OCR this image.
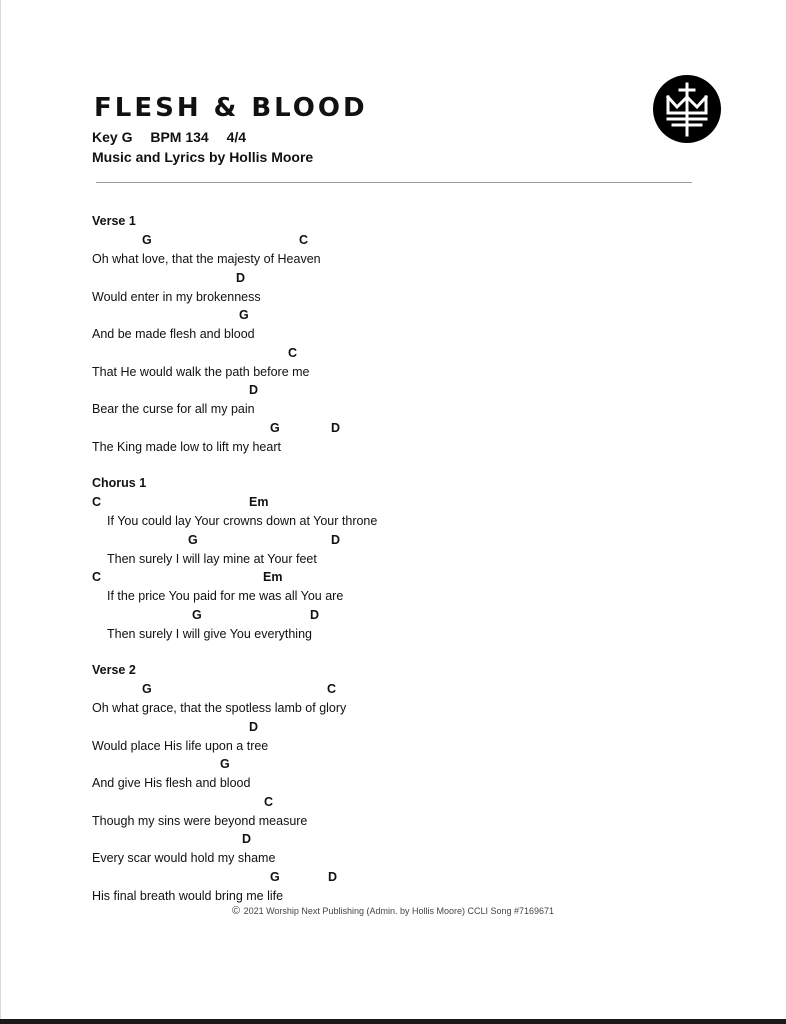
FLESH & BLOOD
Key G BPM 134 4/4
Music and Lyrics by Hollis Moore
Verse 1
G	C
Oh what love, that the majesty of Heaven
D
Would enter in my brokenness
G
And be made flesh and blood
C
That He would walk the path before me
D
Bear the curse for all my pain
G	D
The King made low to lift my heart
Chorus 1
C	Em
If You could lay Your crowns down at Your throne
G	D
Then surely I will lay mine at Your feet
C	Em
If the price You paid for me was all You are
G	D
Then surely I will give You everything
Verse 2
G	C
Oh what grace, that the spotless lamb of glory
D
Would place His life upon a tree
G
And give His flesh and blood
C
Though my sins were beyond measure
D
Every scar would hold my shame
G	D
His final breath would bring me life
© 2021 Worship Next Publishing (Admin. by Hollis Moore) CCLI Song #7169671
